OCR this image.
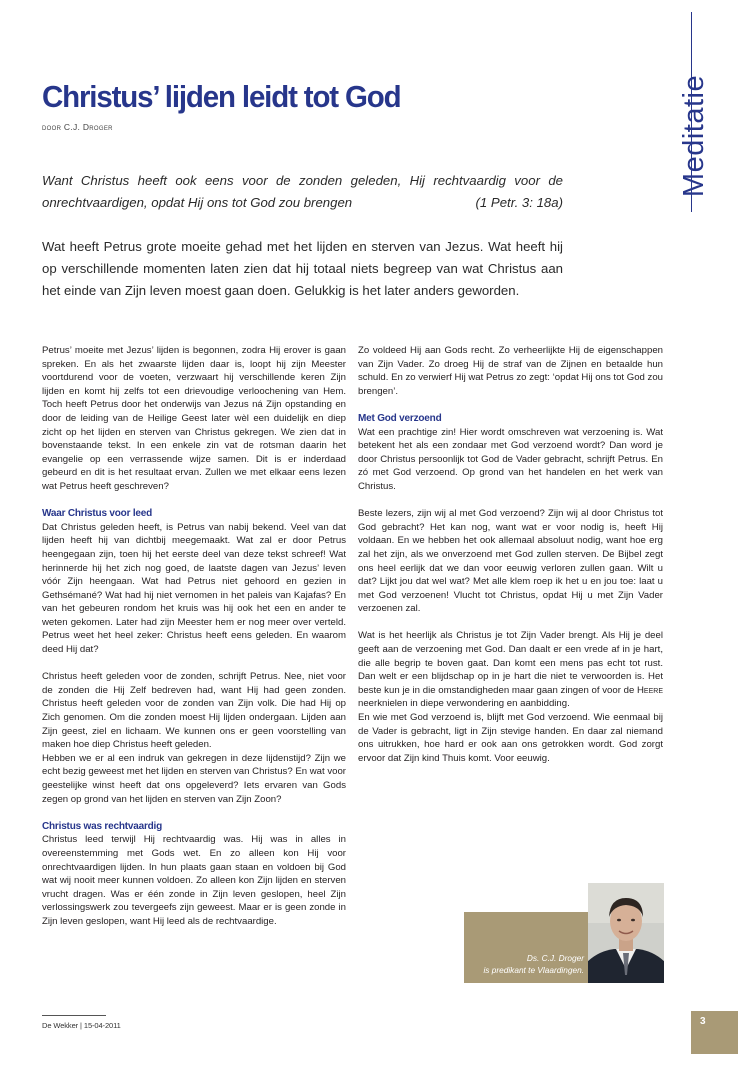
Meditatie
Christus’ lijden leidt tot God
door C.J. Droger
Want Christus heeft ook eens voor de zonden geleden, Hij rechtvaardig voor de
onrechtvaardigen, opdat Hij ons tot God zou brengen	(1 Petr. 3: 18a)

Wat heeft Petrus grote moeite gehad met het lijden en sterven van Jezus. Wat heeft hij op verschillende momenten laten zien dat hij totaal niets begreep van wat Christus aan het einde van Zijn leven moest gaan doen. Gelukkig is het later anders geworden.

Petrus’ moeite met Jezus’ lijden is begonnen, zodra Hij erover is gaan spreken. En als het zwaarste lijden daar is, loopt hij zijn Meester voortdurend voor de voeten, verzwaart hij verschillende keren Zijn lijden en komt hij zelfs tot een drievoudige verloochening van Hem. Toch heeft Petrus door het onderwijs van Jezus ná Zijn opstanding en door de leiding van de Heilige Geest later wèl een duidelijk en diep zicht op het lijden en sterven van Christus gekregen. We zien dat in bovenstaande tekst. In een enkele zin vat de rotsman daarin het evangelie op een verrassende wijze samen. Dit is er inderdaad gebeurd en dit is het resultaat ervan. Zullen we met elkaar eens lezen wat Petrus heeft geschreven?

Waar Christus voor leed

Dat Christus geleden heeft, is Petrus van nabij bekend. Veel van dat lijden heeft hij van dichtbij meegemaakt. Wat zal er door Petrus heengegaan zijn, toen hij het eerste deel van deze tekst schreef! Wat herinnerde hij het zich nog goed, de laatste dagen van Jezus’ leven vóór Zijn heengaan. Wat had Petrus niet gehoord en gezien in Gethsémané? Wat had hij niet vernomen in het paleis van Kajafas? En van het gebeuren rondom het kruis was hij ook het een en ander te weten gekomen. Later had zijn Meester hem er nog meer over verteld. Petrus weet het heel zeker: Christus heeft eens geleden. En waarom deed Hij dat?

Christus heeft geleden voor de zonden, schrijft Petrus. Nee, niet voor de zonden die Hij Zelf bedreven had, want Hij had geen zonden. Christus heeft geleden voor de zonden van Zijn volk. Die had Hij op Zich genomen. Om die zonden moest Hij lijden ondergaan. Lijden aan Zijn geest, ziel en lichaam. We kunnen ons er geen voorstelling van maken hoe diep Christus heeft geleden.

Hebben we er al een indruk van gekregen in deze lijdenstijd? Zijn we echt bezig geweest met het lijden en sterven van Christus? En wat voor geestelijke winst heeft dat ons opgeleverd? Iets ervaren van Gods zegen op grond van het lijden en sterven van Zijn Zoon?

Christus was rechtvaardig

Christus leed terwijl Hij rechtvaardig was. Hij was in alles in overeenstemming met Gods wet. En zo alleen kon Hij voor onrechtvaardigen lijden. In hun plaats gaan staan en voldoen bij God wat wij nooit meer kunnen voldoen. Zo alleen kon Zijn lijden en sterven vrucht dragen. Was er één zonde in Zijn leven geslopen, heel Zijn verlossingswerk zou tevergeefs zijn geweest. Maar er is geen zonde in Zijn leven geslopen, want Hij leed als de rechtvaardige.

Zo voldeed Hij aan Gods recht. Zo verheerlijkte Hij de eigenschappen van Zijn Vader. Zo droeg Hij de straf van de Zijnen en betaalde hun schuld. En zo verwierf Hij wat Petrus zo zegt: ‘opdat Hij ons tot God zou brengen’.

Met God verzoend

Wat een prachtige zin! Hier wordt omschreven wat verzoening is. Wat betekent het als een zondaar met God verzoend wordt? Dan word je door Christus persoonlijk tot God de Vader gebracht, schrijft Petrus. En zó met God verzoend. Op grond van het handelen en het werk van Christus.

Beste lezers, zijn wij al met God verzoend? Zijn wij al door Christus tot God gebracht? Het kan nog, want wat er voor nodig is, heeft Hij voldaan. En we hebben het ook allemaal absoluut nodig, want hoe erg zal het zijn, als we onverzoend met God zullen sterven. De Bijbel zegt ons heel eerlijk dat we dan voor eeuwig verloren zullen gaan. Wilt u dat? Lijkt jou dat wel wat? Met alle klem roep ik het u en jou toe: laat u met God verzoenen! Vlucht tot Christus, opdat Hij u met Zijn Vader verzoenen zal.

Wat is het heerlijk als Christus je tot Zijn Vader brengt. Als Hij je deel geeft aan de verzoening met God. Dan daalt er een vrede af in je hart, die alle begrip te boven gaat. Dan komt een mens pas echt tot rust. Dan welt er een blijdschap op in je hart die niet te verwoorden is. Het beste kun je in die omstandigheden maar gaan zingen of voor de Heere neerknielen in diepe verwondering en aanbidding.

En wie met God verzoend is, blijft met God verzoend. Wie eenmaal bij de Vader is gebracht, ligt in Zijn stevige handen. En daar zal niemand ons uitrukken, hoe hard er ook aan ons getrokken wordt. God zorgt ervoor dat Zijn kind Thuis komt. Voor eeuwig.

Ds. C.J. Droger
is predikant te Vlaardingen.
De Wekker | 15-04-2011	3
